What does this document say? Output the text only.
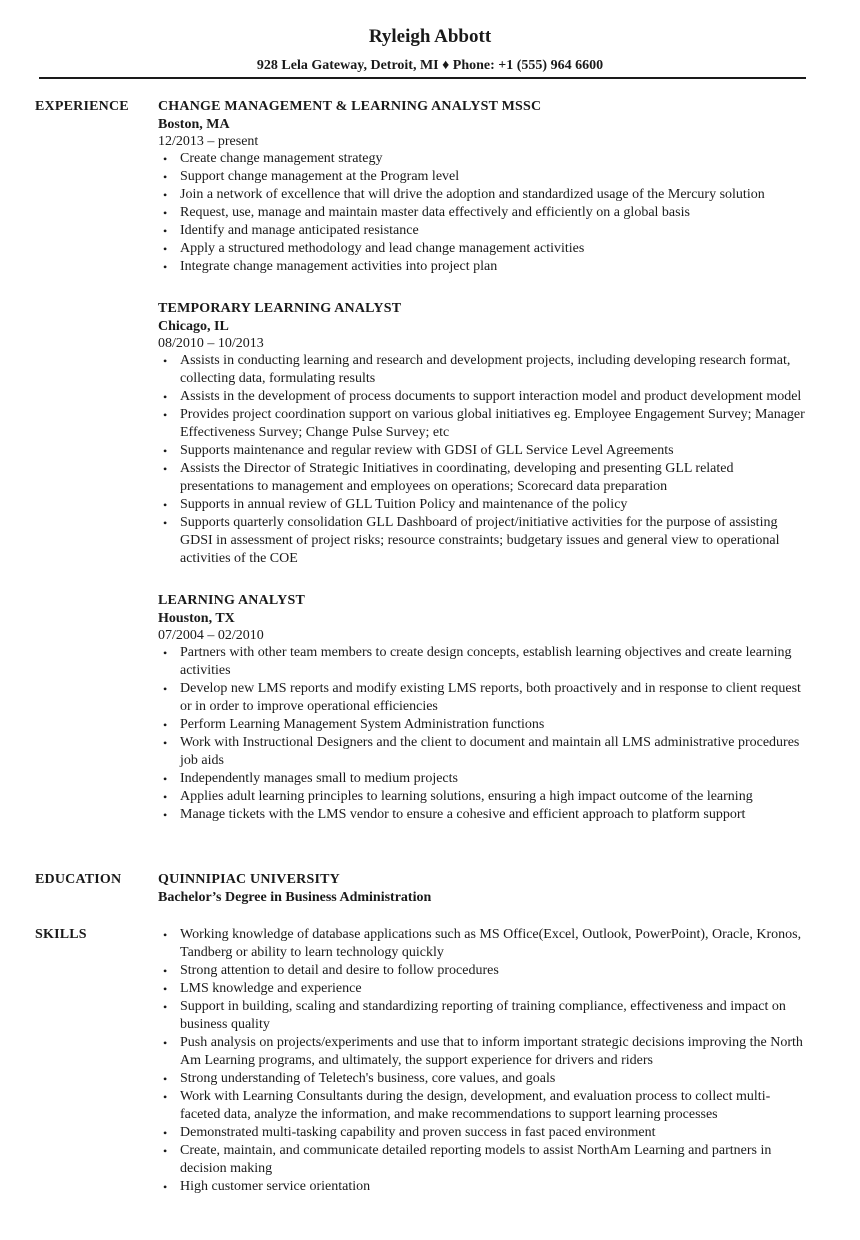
Ryleigh Abbott
928 Lela Gateway, Detroit, MI ♦ Phone: +1 (555) 964 6600
EXPERIENCE CHANGE MANAGEMENT & LEARNING ANALYST MSSC
Boston, MA
12/2013 – present
• Create change management strategy
• Support change management at the Program level
• Join a network of excellence that will drive the adoption and standardized usage of the Mercury solution
• Request, use, manage and maintain master data effectively and efficiently on a global basis
• Identify and manage anticipated resistance
• Apply a structured methodology and lead change management activities
• Integrate change management activities into project plan
TEMPORARY LEARNING ANALYST
Chicago, IL
08/2010 – 10/2013
• Assists in conducting learning and research and development projects, including developing research format, collecting data, formulating results
• Assists in the development of process documents to support interaction model and product development model
• Provides project coordination support on various global initiatives eg. Employee Engagement Survey; Manager Effectiveness Survey; Change Pulse Survey; etc
• Supports maintenance and regular review with GDSI of GLL Service Level Agreements
• Assists the Director of Strategic Initiatives in coordinating, developing and presenting GLL related presentations to management and employees on operations; Scorecard data preparation
• Supports in annual review of GLL Tuition Policy and maintenance of the policy
• Supports quarterly consolidation GLL Dashboard of project/initiative activities for the purpose of assisting GDSI in assessment of project risks; resource constraints; budgetary issues and general view to operational activities of the COE
LEARNING ANALYST
Houston, TX
07/2004 – 02/2010
• Partners with other team members to create design concepts, establish learning objectives and create learning activities
• Develop new LMS reports and modify existing LMS reports, both proactively and in response to client request or in order to improve operational efficiencies
• Perform Learning Management System Administration functions
• Work with Instructional Designers and the client to document and maintain all LMS administrative procedures job aids
• Independently manages small to medium projects
• Applies adult learning principles to learning solutions, ensuring a high impact outcome of the learning
• Manage tickets with the LMS vendor to ensure a cohesive and efficient approach to platform support
EDUCATION	QUINNIPIAC UNIVERSITY
Bachelor’s Degree in Business Administration
SKILLS	• Working knowledge of database applications such as MS Office(Excel, Outlook, PowerPoint), Oracle, Kronos, Tandberg or ability to learn technology quickly
• Strong attention to detail and desire to follow procedures
• LMS knowledge and experience
• Support in building, scaling and standardizing reporting of training compliance, effectiveness and impact on business quality
• Push analysis on projects/experiments and use that to inform important strategic decisions improving the North Am Learning programs, and ultimately, the support experience for drivers and riders
• Strong understanding of Teletech's business, core values, and goals
• Work with Learning Consultants during the design, development, and evaluation process to collect multi-faceted data, analyze the information, and make recommendations to support learning processes
• Demonstrated multi-tasking capability and proven success in fast paced environment
• Create, maintain, and communicate detailed reporting models to assist NorthAm Learning and partners in decision making
• High customer service orientation
